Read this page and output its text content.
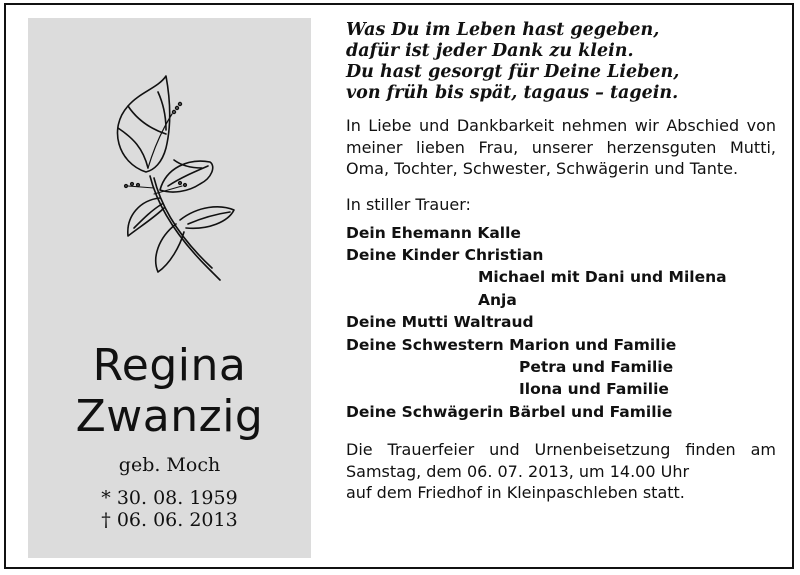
Regina
Zwanzig
geb. Moch
* 30. 08. 1959
† 06. 06. 2013
Was Du im Leben hast gegeben,
dafür ist jeder Dank zu klein.
Du hast gesorgt für Deine Lieben,
von früh bis spät, tagaus – tagein.
In Liebe und Dankbarkeit nehmen wir Abschied von meiner lieben Frau, unserer herzensguten Mutti, Oma, Tochter, Schwester, Schwägerin und Tante.
In stiller Trauer:
Dein Ehemann Kalle
Deine Kinder Christian
Michael mit Dani und Milena
Anja
Deine Mutti Waltraud
Deine Schwestern Marion und Familie
Petra und Familie
Ilona und Familie
Deine Schwägerin Bärbel und Familie
Die Trauerfeier und Urnenbeisetzung finden am Samstag, dem 06. 07. 2013, um 14.00 Uhr
auf dem Friedhof in Kleinpaschleben statt.
